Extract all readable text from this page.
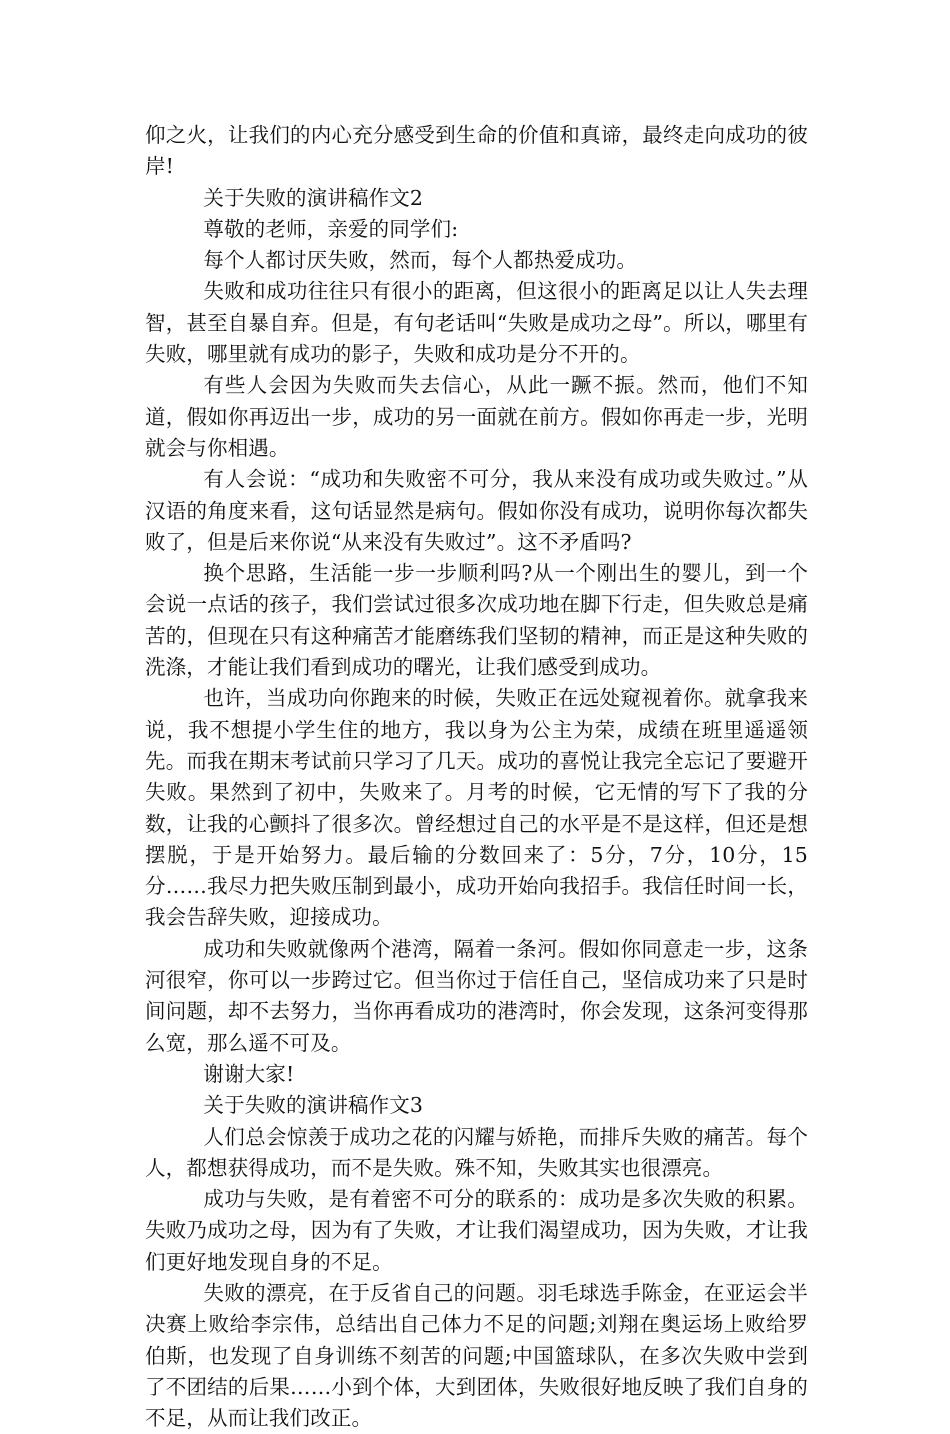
仰之火，让我们的内心充分感受到生命的价值和真谛，最终走向成功的彼岸!

关于失败的演讲稿作文2

尊敬的老师，亲爱的同学们:

每个人都讨厌失败，然而，每个人都热爱成功。

失败和成功往往只有很小的距离，但这很小的距离足以让人失去理智，甚至自暴自弃。但是，有句老话叫“失败是成功之母”。所以，哪里有失败，哪里就有成功的影子，失败和成功是分不开的。

有些人会因为失败而失去信心，从此一蹶不振。然而，他们不知道，假如你再迈出一步，成功的另一面就在前方。假如你再走一步，光明就会与你相遇。

有人会说：“成功和失败密不可分，我从来没有成功或失败过。”从汉语的角度来看，这句话显然是病句。假如你没有成功，说明你每次都失败了，但是后来你说“从来没有失败过”。这不矛盾吗?

换个思路，生活能一步一步顺利吗?从一个刚出生的婴儿，到一个会说一点话的孩子，我们尝试过很多次成功地在脚下行走，但失败总是痛苦的，但现在只有这种痛苦才能磨练我们坚韧的精神，而正是这种失败的洗涤，才能让我们看到成功的曙光，让我们感受到成功。

也许，当成功向你跑来的时候，失败正在远处窥视着你。就拿我来说，我不想提小学生住的地方，我以身为公主为荣，成绩在班里遥遥领先。而我在期末考试前只学习了几天。成功的喜悦让我完全忘记了要避开失败。果然到了初中，失败来了。月考的时候，它无情的写下了我的分数，让我的心颤抖了很多次。曾经想过自己的水平是不是这样，但还是想摆脱，于是开始努力。最后输的分数回来了：5分，7分，10分，15分……我尽力把失败压制到最小，成功开始向我招手。我信任时间一长，我会告辞失败，迎接成功。

成功和失败就像两个港湾，隔着一条河。假如你同意走一步，这条河很窄，你可以一步跨过它。但当你过于信任自己，坚信成功来了只是时间问题，却不去努力，当你再看成功的港湾时，你会发现，这条河变得那么宽，那么遥不可及。

谢谢大家!

关于失败的演讲稿作文3

人们总会惊羡于成功之花的闪耀与娇艳，而排斥失败的痛苦。每个人，都想获得成功，而不是失败。殊不知，失败其实也很漂亮。

成功与失败，是有着密不可分的联系的：成功是多次失败的积累。失败乃成功之母，因为有了失败，才让我们渴望成功，因为失败，才让我们更好地发现自身的不足。

失败的漂亮，在于反省自己的问题。羽毛球选手陈金，在亚运会半决赛上败给李宗伟，总结出自己体力不足的问题;刘翔在奥运场上败给罗伯斯，也发现了自身训练不刻苦的问题;中国篮球队，在多次失败中尝到了不团结的后果……小到个体，大到团体，失败很好地反映了我们自身的不足，从而让我们改正。
